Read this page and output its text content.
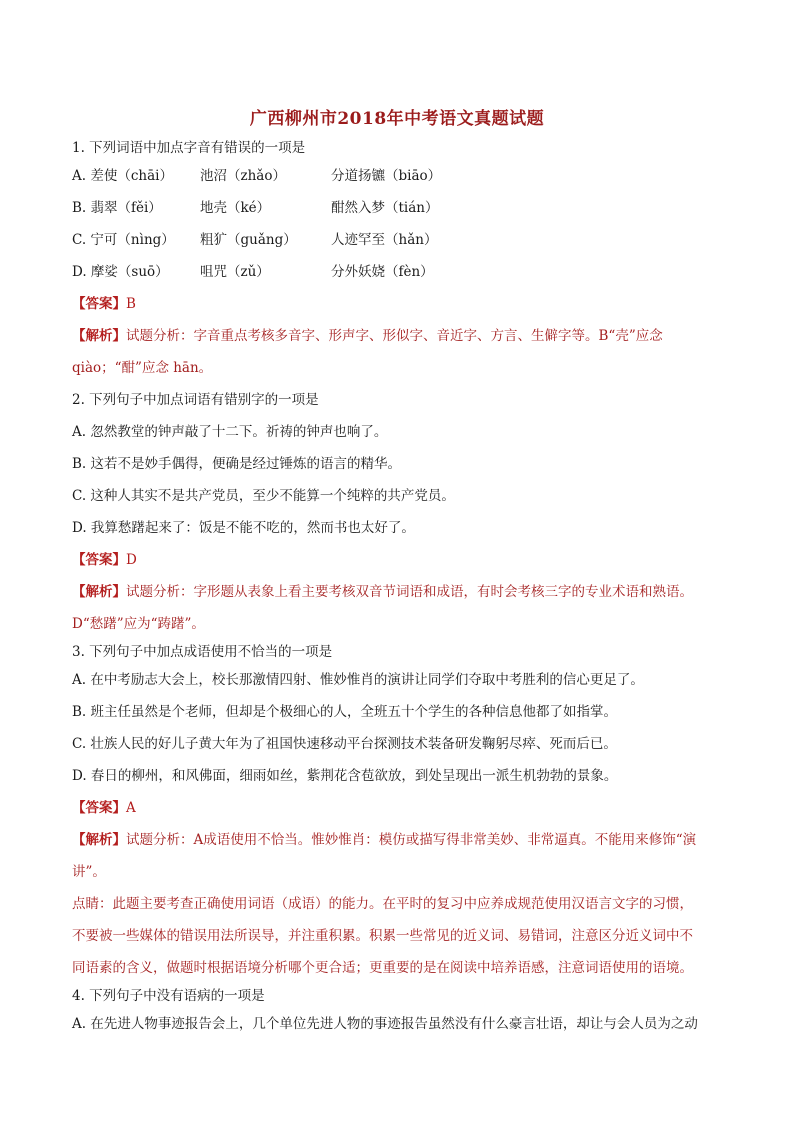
广西柳州市2018年中考语文真题试题
1. 下列词语中加点字音有错误的一项是
A. 差使（chāi）	池沼（zhǎo）	分道扬镳（biāo）
B. 翡翠（fěi）	地壳（ké）	酣然入梦（tián）
C. 宁可（nìng）	粗犷（guǎng）	人迹罕至（hǎn）
D. 摩娑（suō）	咀咒（zǔ）	分外妖娆（fèn）
【答案】B
【解析】试题分析：字音重点考核多音字、形声字、形似字、音近字、方言、生僻字等。B“壳”应念
qiào；“酣”应念 hān。
2. 下列句子中加点词语有错别字的一项是
A. 忽然教堂的钟声敲了十二下。祈祷的钟声也响了。
B. 这若不是妙手偶得，便确是经过锤炼的语言的精华。
C. 这种人其实不是共产党员，至少不能算一个纯粹的共产党员。
D. 我算愁躇起来了：饭是不能不吃的，然而书也太好了。
【答案】D
【解析】试题分析：字形题从表象上看主要考核双音节词语和成语，有时会考核三字的专业术语和熟语。
D“愁躇”应为“踌躇”。
3. 下列句子中加点成语使用不恰当的一项是
A. 在中考励志大会上，校长那激情四射、惟妙惟肖的演讲让同学们夺取中考胜利的信心更足了。
B. 班主任虽然是个老师，但却是个极细心的人，全班五十个学生的各种信息他都了如指掌。
C. 壮族人民的好儿子黄大年为了祖国快速移动平台探测技术装备研发鞠躬尽瘁、死而后已。
D. 春日的柳州，和风佛面，细雨如丝，紫荆花含苞欲放，到处呈现出一派生机勃勃的景象。
【答案】A
【解析】试题分析：A成语使用不恰当。惟妙惟肖：模仿或描写得非常美妙、非常逼真。不能用来修饰“演
讲”。
点睛：此题主要考查正确使用词语（成语）的能力。在平时的复习中应养成规范使用汉语言文字的习惯，
不要被一些媒体的错误用法所误导，并注重积累。积累一些常见的近义词、易错词，注意区分近义词中不
同语素的含义，做题时根据语境分析哪个更合适；更重要的是在阅读中培养语感，注意词语使用的语境。
4. 下列句子中没有语病的一项是
A. 在先进人物事迹报告会上，几个单位先进人物的事迹报告虽然没有什么豪言壮语，却让与会人员为之动
